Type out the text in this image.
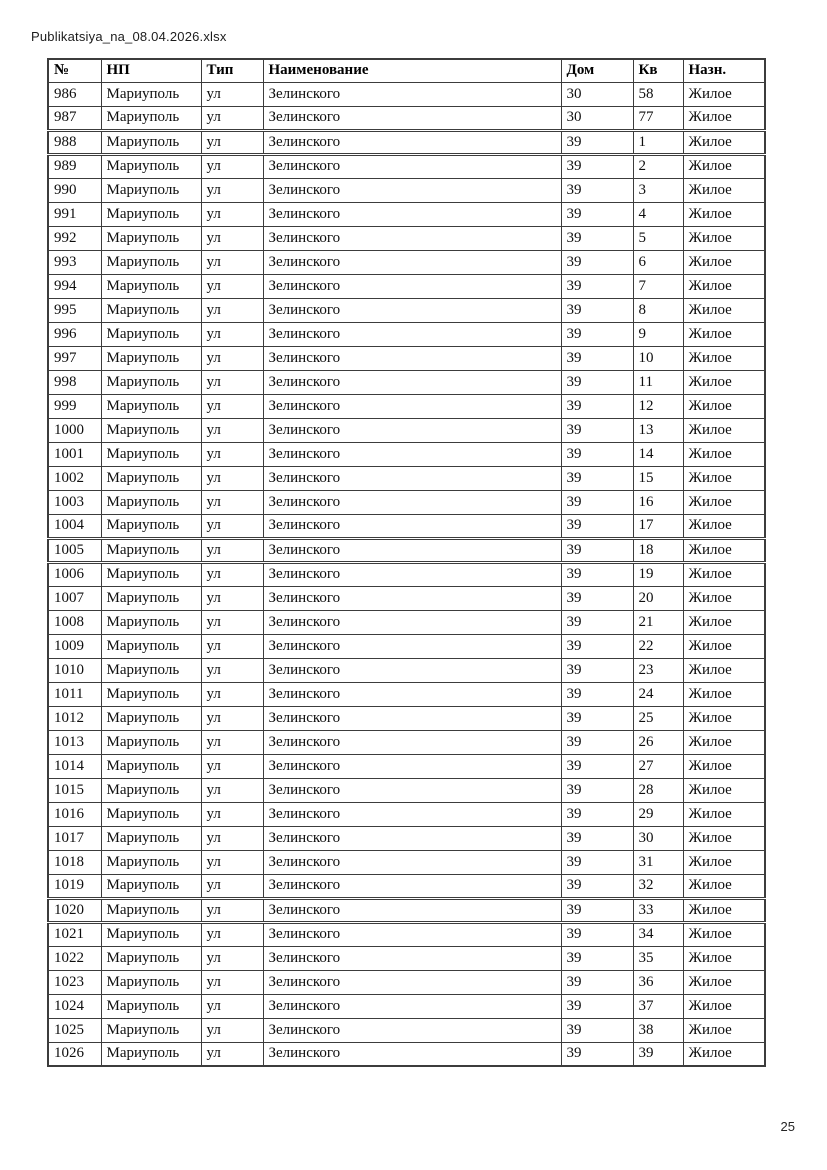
Publikatsiya_na_08.04.2026.xlsx
№	НП	Тип	Наименование	Дом	Кв	Назн.
986	Мариуполь	ул	Зелинского	30	58	Жилое
987	Мариуполь	ул	Зелинского	30	77	Жилое
988	Мариуполь	ул	Зелинского	39	1	Жилое
989	Мариуполь	ул	Зелинского	39	2	Жилое
990	Мариуполь	ул	Зелинского	39	3	Жилое
991	Мариуполь	ул	Зелинского	39	4	Жилое
992	Мариуполь	ул	Зелинского	39	5	Жилое
993	Мариуполь	ул	Зелинского	39	6	Жилое
994	Мариуполь	ул	Зелинского	39	7	Жилое
995	Мариуполь	ул	Зелинского	39	8	Жилое
996	Мариуполь	ул	Зелинского	39	9	Жилое
997	Мариуполь	ул	Зелинского	39	10	Жилое
998	Мариуполь	ул	Зелинского	39	11	Жилое
999	Мариуполь	ул	Зелинского	39	12	Жилое
1000	Мариуполь	ул	Зелинского	39	13	Жилое
1001	Мариуполь	ул	Зелинского	39	14	Жилое
1002	Мариуполь	ул	Зелинского	39	15	Жилое
1003	Мариуполь	ул	Зелинского	39	16	Жилое
1004	Мариуполь	ул	Зелинского	39	17	Жилое
1005	Мариуполь	ул	Зелинского	39	18	Жилое
1006	Мариуполь	ул	Зелинского	39	19	Жилое
1007	Мариуполь	ул	Зелинского	39	20	Жилое
1008	Мариуполь	ул	Зелинского	39	21	Жилое
1009	Мариуполь	ул	Зелинского	39	22	Жилое
1010	Мариуполь	ул	Зелинского	39	23	Жилое
1011	Мариуполь	ул	Зелинского	39	24	Жилое
1012	Мариуполь	ул	Зелинского	39	25	Жилое
1013	Мариуполь	ул	Зелинского	39	26	Жилое
1014	Мариуполь	ул	Зелинского	39	27	Жилое
1015	Мариуполь	ул	Зелинского	39	28	Жилое
1016	Мариуполь	ул	Зелинского	39	29	Жилое
1017	Мариуполь	ул	Зелинского	39	30	Жилое
1018	Мариуполь	ул	Зелинского	39	31	Жилое
1019	Мариуполь	ул	Зелинского	39	32	Жилое
1020	Мариуполь	ул	Зелинского	39	33	Жилое
1021	Мариуполь	ул	Зелинского	39	34	Жилое
1022	Мариуполь	ул	Зелинского	39	35	Жилое
1023	Мариуполь	ул	Зелинского	39	36	Жилое
1024	Мариуполь	ул	Зелинского	39	37	Жилое
1025	Мариуполь	ул	Зелинского	39	38	Жилое
1026	Мариуполь	ул	Зелинского	39	39	Жилое
25
